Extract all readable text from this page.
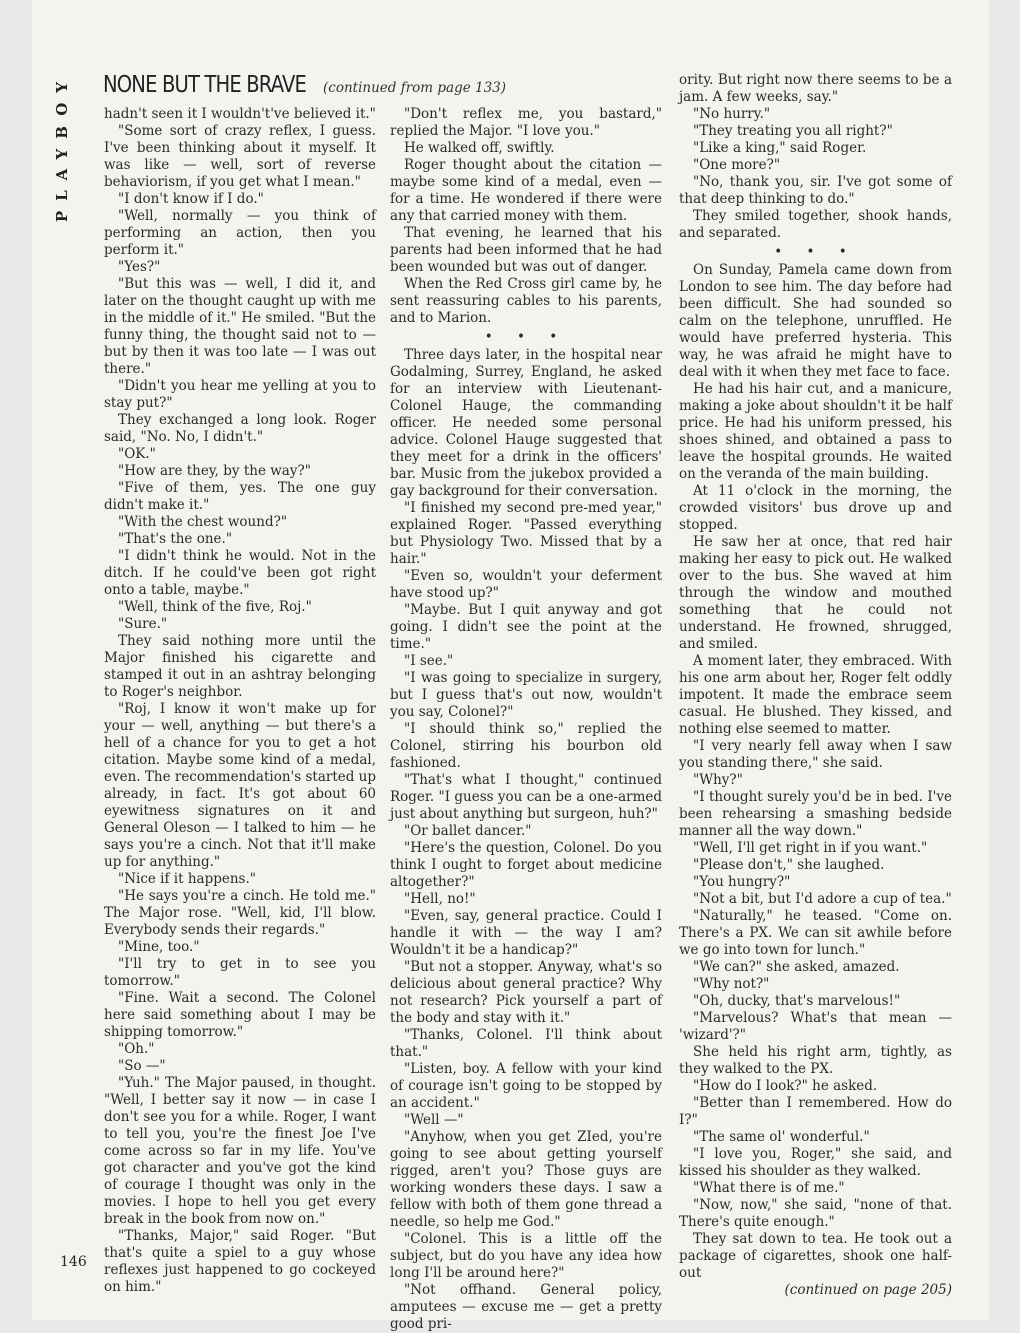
PLAYBOY NONE BUT THE BRAVE (continued from page 133)

hadn't seen it I wouldn't've believed it."

"Some sort of crazy reflex, I guess. I've been thinking about it myself. It was like — well, sort of reverse behaviorism, if you get what I mean."

"I don't know if I do."

"Well, normally — you think of performing an action, then you perform it."

"Yes?"

"But this was — well, I did it, and later on the thought caught up with me in the middle of it." He smiled. "But the funny thing, the thought said not to — but by then it was too late — I was out there."

"Didn't you hear me yelling at you to stay put?"

They exchanged a long look. Roger said, "No. No, I didn't."

"OK."

"How are they, by the way?"

"Five of them, yes. The one guy didn't make it."

"With the chest wound?"

"That's the one."

"I didn't think he would. Not in the ditch. If he could've been got right onto a table, maybe."

"Well, think of the five, Roj."

"Sure."

They said nothing more until the Major finished his cigarette and stamped it out in an ashtray belonging to Roger's neighbor.

"Roj, I know it won't make up for your — well, anything — but there's a hell of a chance for you to get a hot citation. Maybe some kind of a medal, even. The recommendation's started up already, in fact. It's got about 60 eyewitness signatures on it and General Oleson — I talked to him — he says you're a cinch. Not that it'll make up for anything."

"Nice if it happens."

"He says you're a cinch. He told me." The Major rose. "Well, kid, I'll blow. Everybody sends their regards."

"Mine, too."

"I'll try to get in to see you tomorrow."

"Fine. Wait a second. The Colonel here said something about I may be shipping tomorrow."

"Oh."

"So —"

"Yuh." The Major paused, in thought. "Well, I better say it now — in case I don't see you for a while. Roger, I want to tell you, you're the finest Joe I've come across so far in my life. You've got character and you've got the kind of courage I thought was only in the movies. I hope to hell you get every break in the book from now on."

"Thanks, Major," said Roger. "But that's quite a spiel to a guy whose reflexes just happened to go cockeyed on him."

"Don't reflex me, you bastard," replied the Major. "I love you."

He walked off, swiftly.

Roger thought about the citation — maybe some kind of a medal, even — for a time. He wondered if there were any that carried money with them.

That evening, he learned that his parents had been informed that he had been wounded but was out of danger.

When the Red Cross girl came by, he sent reassuring cables to his parents, and to Marion.

• • •

Three days later, in the hospital near Godalming, Surrey, England, he asked for an interview with Lieutenant-Colonel Hauge, the commanding officer. He needed some personal advice. Colonel Hauge suggested that they meet for a drink in the officers' bar. Music from the jukebox provided a gay background for their conversation.

"I finished my second pre-med year," explained Roger. "Passed everything but Physiology Two. Missed that by a hair."

"Even so, wouldn't your deferment have stood up?"

"Maybe. But I quit anyway and got going. I didn't see the point at the time."

"I see."

"I was going to specialize in surgery, but I guess that's out now, wouldn't you say, Colonel?"

"I should think so," replied the Colonel, stirring his bourbon old fashioned.

"That's what I thought," continued Roger. "I guess you can be a one-armed just about anything but surgeon, huh?"

"Or ballet dancer."

"Here's the question, Colonel. Do you think I ought to forget about medicine altogether?"

"Hell, no!"

"Even, say, general practice. Could I handle it with — the way I am? Wouldn't it be a handicap?"

"But not a stopper. Anyway, what's so delicious about general practice? Why not research? Pick yourself a part of the body and stay with it."

"Thanks, Colonel. I'll think about that."

"Listen, boy. A fellow with your kind of courage isn't going to be stopped by an accident."

"Well —"

"Anyhow, when you get ZIed, you're going to see about getting yourself rigged, aren't you? Those guys are working wonders these days. I saw a fellow with both of them gone thread a needle, so help me God."

"Colonel. This is a little off the subject, but do you have any idea how long I'll be around here?"

"Not offhand. General policy, amputees — excuse me — get a pretty good pri-

ority. But right now there seems to be a jam. A few weeks, say."

"No hurry."

"They treating you all right?"

"Like a king," said Roger.

"One more?"

"No, thank you, sir. I've got some of that deep thinking to do."

They smiled together, shook hands, and separated.

• • •

On Sunday, Pamela came down from London to see him. The day before had been difficult. She had sounded so calm on the telephone, unruffled. He would have preferred hysteria. This way, he was afraid he might have to deal with it when they met face to face.

He had his hair cut, and a manicure, making a joke about shouldn't it be half price. He had his uniform pressed, his shoes shined, and obtained a pass to leave the hospital grounds. He waited on the veranda of the main building.

At 11 o'clock in the morning, the crowded visitors' bus drove up and stopped.

He saw her at once, that red hair making her easy to pick out. He walked over to the bus. She waved at him through the window and mouthed something that he could not understand. He frowned, shrugged, and smiled.

A moment later, they embraced. With his one arm about her, Roger felt oddly impotent. It made the embrace seem casual. He blushed. They kissed, and nothing else seemed to matter.

"I very nearly fell away when I saw you standing there," she said.

"Why?"

"I thought surely you'd be in bed. I've been rehearsing a smashing bedside manner all the way down."

"Well, I'll get right in if you want."

"Please don't," she laughed.

"You hungry?"

"Not a bit, but I'd adore a cup of tea."

"Naturally," he teased. "Come on. There's a PX. We can sit awhile before we go into town for lunch."

"We can?" she asked, amazed.

"Why not?"

"Oh, ducky, that's marvelous!"

"Marvelous? What's that mean — 'wizard'?"

She held his right arm, tightly, as they walked to the PX.

"How do I look?" he asked.

"Better than I remembered. How do I?"

"The same ol' wonderful."

"I love you, Roger," she said, and kissed his shoulder as they walked.

"What there is of me."

"Now, now," she said, "none of that. There's quite enough."

They sat down to tea. He took out a package of cigarettes, shook one half-out

(continued on page 205)

146
